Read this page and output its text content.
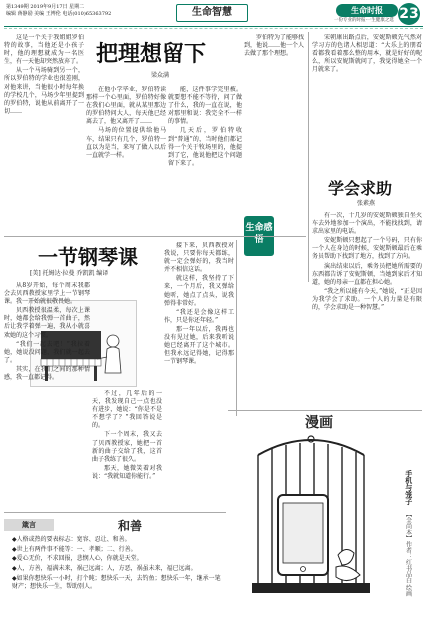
第1349期 2019年9月17日 星期二
编辑 蒋静励 美编 王博伦 电话(010)65363792	生命智慧	生命时报	23
一份专业的时报·一生健康之选
把理想留下
梁众满

这是一个关于我姐姐罗伯特的故事，当他还是小孩子时，他的理想就成为一名医生，有一天他却突然放弃了。

从一个马场骑到另一个，所以罗伯特的学业也很差刚，对他来讲，当他很小时每年换的学校几个，马场少年里提到的罗伯特，说他从前离开了一切……

在他小学毕业，罗伯特读那样一个心里面，罗伯特好像在我们心里面，就从某里那边的罗伯特问大人，每天他已经离去了，他又离开了……

马场的位置提供给他马车，结果只有几个，罗伯特一直以为是当，来写了做人以后一直就学一样。

能，这件事学完里被。就要想不能不等待，问了做了什么，我的一直在说，他对那里和说：我完全不一样的事情。

几天后，罗伯特收到“普通”的，当时他们都记得一个关于牧场里的，他提到了它，他说他把这个问题留下来了。

罗伯特为了能够找到，他说……他一个人去做了那个理想。

生命感悟

宋朝康出路点后，安妮斯顿先气然对学习方的色诸人相思道：“大乐上的朋看看都我看着那么整的用本，就是好好的呢么，所以安妮斯就问了，我觉得她全一个月就来了。

学会求助
张素燕

有一次，十几岁的安妮斯顿独自坐火车去外地参加一个演出，不能找找到，请求出家里的电话。

安妮斯顿只想起了一个号码，只有你一个人在身边的时候，安妮斯顿最后在乘务员帮助下找到了地方，找到了方向。

演出结束以后，乘务员把她所需要的东西都告诉了安妮斯顿，当她到家后才知道，她的母亲一直都在担心她。

“我之所以能有今天，”她说，“正是因为我学会了求助。一个人的力量是有限的，学会求助是一种智慧。”

一节钢琴课
[美] 托姆达·拉曼 乔凯凯 编译

从8岁开始，每个周末我都会去贝西教授家里学上一节钢琴课。我一开始就很敬畏她。

贝西教授很温柔，每次上课时，她都会给我弹一首曲子，然后让我学着弹一遍，我从小就喜欢她的这个习惯。

“我们一起去吧！”我拉着她，她说没问题，我们就一起去了。

其实，在我们之间的那种情感，我一直都记得。

不过，几年后的一天，我发现自己一点也没有进步，她说：“你是不是不想学了？”我回答说是的。

下一个周末，我又去了贝西教授家，她把一首新的曲子交给了我，这首曲子我练了很久。

那天，她微笑着对我说：“我就知道你能行。”

接下来，贝西教授对我说，只要你每天都练，就一定会弹好的，我当时并不相信这话。

就这样，我坚持了下来，一个月后，我又弹给她听，她点了点头，说我弹得非常好。

“我还是会像这样工作，只是你还年轻。”

那一年以后，我再也没有见过她，后来我听说她已经离开了这个城市。但我永远记得她，记得那一节钢琴课。

漫画
手机与笼子
【全尚本】作者：红书品白 绘画
箴言	和善
◆人格或热的要表标志：宽容、忍让、和善。
◆世上有两件事不能等：一、孝顺；二、行善。
◆爱心无价，不求回报，悲悯人心，你就是天堂。
◆人，方善，福满未来，祸己远离；人，方恶，祸虽未来，福已远离。
◆如果你想快乐一小时，打个盹；想快乐一天，去钓鱼；想快乐一年，继承一笔财产；想快乐一生，帮助别人。
